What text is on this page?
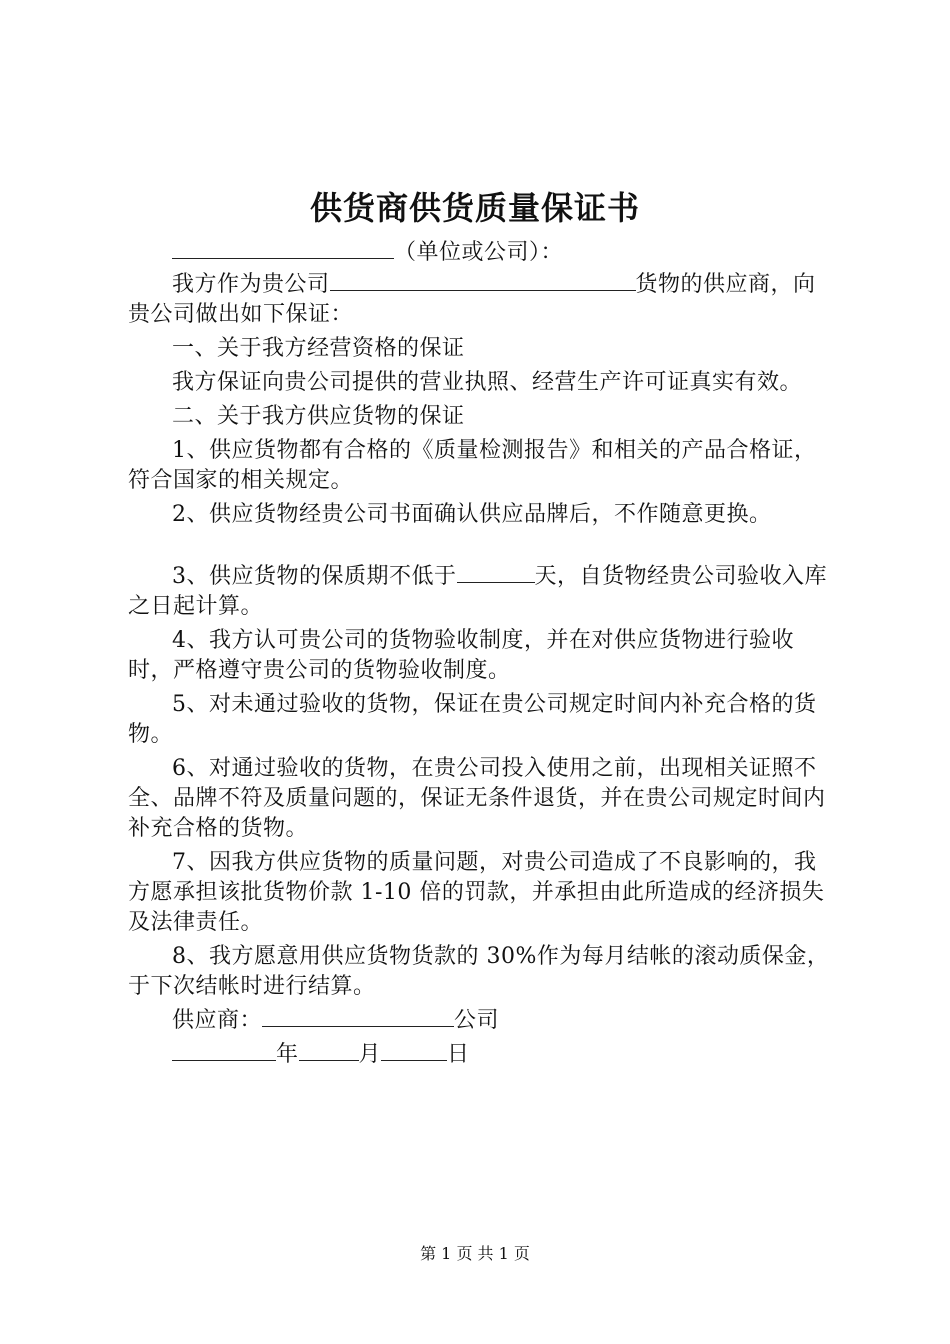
供货商供货质量保证书

（单位或公司）：

我方作为贵公司	货物的供应商，向贵公司做出如下保证：

一、关于我方经营资格的保证

我方保证向贵公司提供的营业执照、经营生产许可证真实有效。

二、关于我方供应货物的保证

1、供应货物都有合格的《质量检测报告》和相关的产品合格证，符合国家的相关规定。

2、供应货物经贵公司书面确认供应品牌后，不作随意更换。

3、供应货物的保质期不低于	天，自货物经贵公司验收入库之日起计算。

4、我方认可贵公司的货物验收制度，并在对供应货物进行验收时，严格遵守贵公司的货物验收制度。

5、对未通过验收的货物，保证在贵公司规定时间内补充合格的货物。

6、对通过验收的货物，在贵公司投入使用之前，出现相关证照不全、品牌不符及质量问题的，保证无条件退货，并在贵公司规定时间内补充合格的货物。

7、因我方供应货物的质量问题，对贵公司造成了不良影响的，我方愿承担该批货物价款 1-10 倍的罚款，并承担由此所造成的经济损失及法律责任。

8、我方愿意用供应货物货款的 30%作为每月结帐的滚动质保金，于下次结帐时进行结算。

供应商：	公司

年	月	日

第 1 页 共 1 页
